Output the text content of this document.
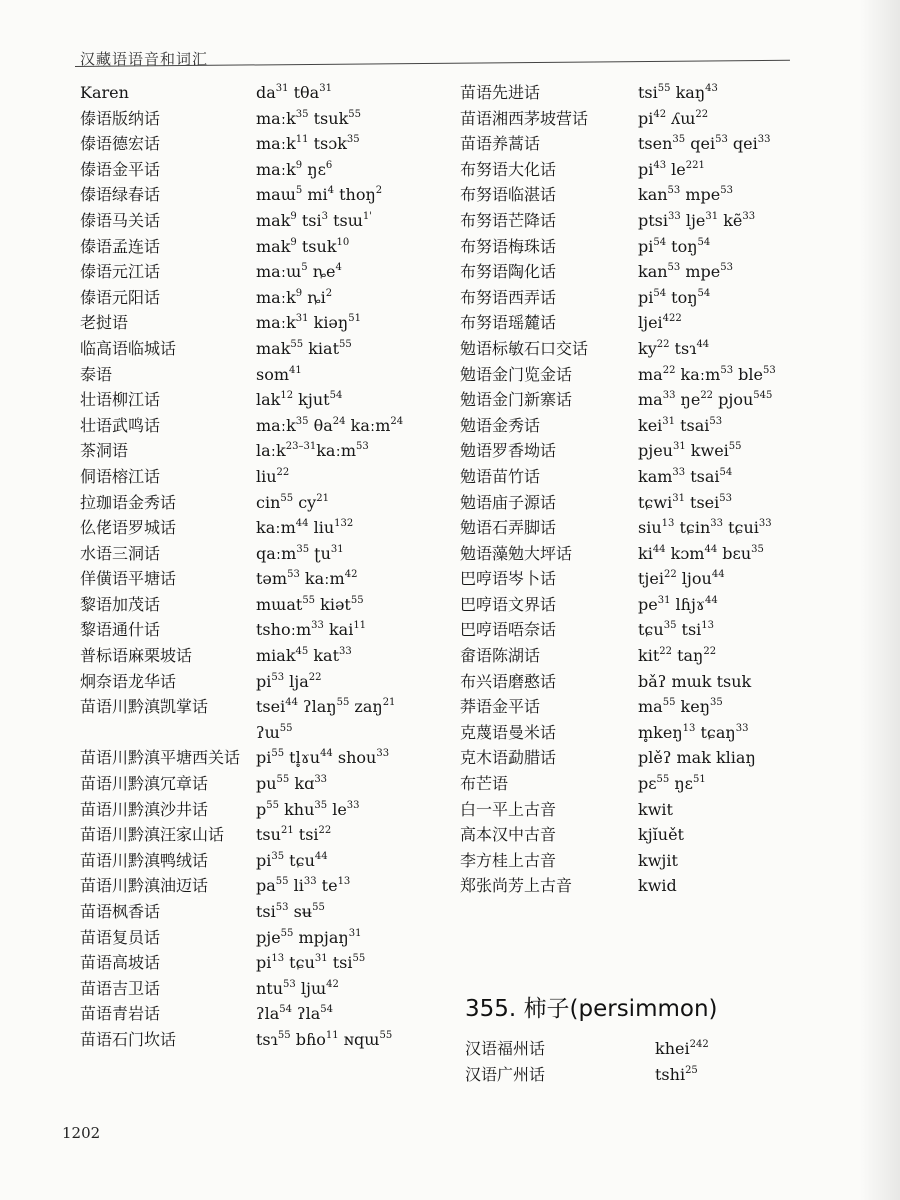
汉藏语语音和词汇
Karen	$da^{31}$ tθa$^{31}$
傣语版纳话	maːk$^{35}$ tsuk$^{55}$
傣语德宏话	maːk$^{11}$ tsɔk$^{35}$
傣语金平话	maːk$^9$ ŋɛ$^6$
傣语绿春话	maɯ$^5$ $mi^4$ thoŋ$^2$
傣语马关话	mak$^9$ tsi$^3$ tsɯ$^{1'}$
傣语孟连话	mak$^9$ tsuk$^{10}$
傣语元江话	maːɯ$^5$ $ȵe^4$
傣语元阳话	maːk$^9$ $ȵi^2$
老挝语	maːk$^{31}$ kiəŋ$^{51}$
临高语临城话	mak$^{55}$ kiat$^{55}$
泰语	som$^{41}$
壮语柳江话	lak$^{12}$ kjut$^{54}$
壮语武鸣话	maːk$^{35}$ $\theta a^{24}$ kaːm$^{24}$
茶洞语	laːk$^{23-31}$kaːm$^{53}$
侗语榕江话	liu$^{22}$
拉珈语金秀话	cin$^{55}$ $cy^{21}$
仫佬语罗城话	kaːm$^{44}$ liu$^{132}$
水语三洞话	qaːm$^{35}$ ʈu$^{31}$
佯僙语平塘话	təm$^{53}$ kaːm$^{42}$
黎语加茂话	mɯat$^{55}$ kiət$^{55}$
黎语通什话	tshoːm$^{33}$ kai$^{11}$
普标语麻栗坡话	miak$^{45}$ kat$^{33}$
炯奈语龙华话	$pi^{53}$ lja$^{22}$
苗语川黔滇凯掌话	tsei$^{44}$ ʔlaŋ$^{55}$ zaŋ$^{21}$
ʔɯ$^{55}$
苗语川黔滇平塘西关话 $pi^{55}$ tl̥ɤu$^{44}$ shou$^{33}$
苗语川黔滇冗章话	$pu^{55}$ kɑ$^{33}$
苗语川黔滇沙井话	$p^{55}$ khu$^{35}$ $le^{33}$
苗语川黔滇汪家山话 tsu$^{21}$ tsi$^{22}$
苗语川黔滇鸭绒话	$pi^{35}$ tɕu$^{44}$
苗语川黔滇油迈话	$pa^{55}$ $li^{33}$ $te^{13}$
苗语枫香话	tsi$^{53}$ sʉ$^{55}$
苗语复员话	pje$^{55}$ mpjaŋ$^{31}$
苗语高坡话	$pi^{13}$ tɕu$^{31}$ tsi$^{55}$
苗语吉卫话	ntu$^{53}$ ljɯ$^{42}$
苗语青岩话	ʔla$^{54}$ ʔla$^{54}$
苗语石门坎话	tsɿ$^{55}$ bɦo$^{11}$ ɴqɯ$^{55}$
苗语先进话	tsi$^{55}$ kaŋ$^{43}$
苗语湘西茅坡营话	$pi^{42}$ ʎɯ$^{22}$
苗语养蒿话	tsen$^{35}$ qei$^{53}$ qei$^{33}$
布努语大化话	$pi^{43}$ $le^{221}$
布努语临湛话	kan$^{53}$ mpe$^{53}$
布努语芒降话	ptsi$^{33}$ lje$^{31}$ kẽ$^{33}$
布努语梅珠话	$pi^{54}$ toŋ$^{54}$
布努语陶化话	kan$^{53}$ mpe$^{53}$
布努语西弄话	$pi^{54}$ toŋ$^{54}$
布努语瑶麓话	ljei$^{422}$
勉语标敏石口交话	$ky^{22}$ tsɿ$^{44}$
勉语金门览金话	$ma^{22}$ kaːm$^{53}$ ble$^{53}$
勉语金门新寨话	$ma^{33}$ $ŋe^{22}$ pjou$^{545}$
勉语金秀话	kei$^{31}$ tsai$^{53}$
勉语罗香坳话	pjeu$^{31}$ kwei$^{55}$
勉语苗竹话	kam$^{33}$ tsai$^{54}$
勉语庙子源话	tɕwi$^{31}$ tsei$^{53}$
勉语石弄脚话	siu$^{13}$ tɕin$^{33}$ tɕui$^{33}$
勉语藻勉大坪话	$ki^{44}$ kɔm$^{44}$ bɛu$^{35}$
巴哼语岑卜话	tjei$^{22}$ ljou$^{44}$
巴哼语文界话	$pe^{31}$ lɦjɤ$^{44}$
巴哼语唔奈话	tɕu$^{35}$ tsi$^{13}$
畲语陈湖话	kit$^{22}$ taŋ$^{22}$
布兴语磨憨话	bǎʔ mɯk tsuk
莽语金平话	$ma^{55}$ keŋ$^{35}$
克蔑语曼米话	m̥keŋ$^{13}$ tɕaŋ$^{33}$
克木语勐腊话	plěʔ mak kliaŋ
布芒语	pɛ$^{55}$ ŋɛ$^{51}$
白一平上古音	kwit
高本汉中古音	kjĭuět
李方桂上古音	kwjit
郑张尚芳上古音	kwid
355. 柿子(persimmon)
汉语福州话	khei$^{242}$
汉语广州话	tshi$^{25}$
1202
